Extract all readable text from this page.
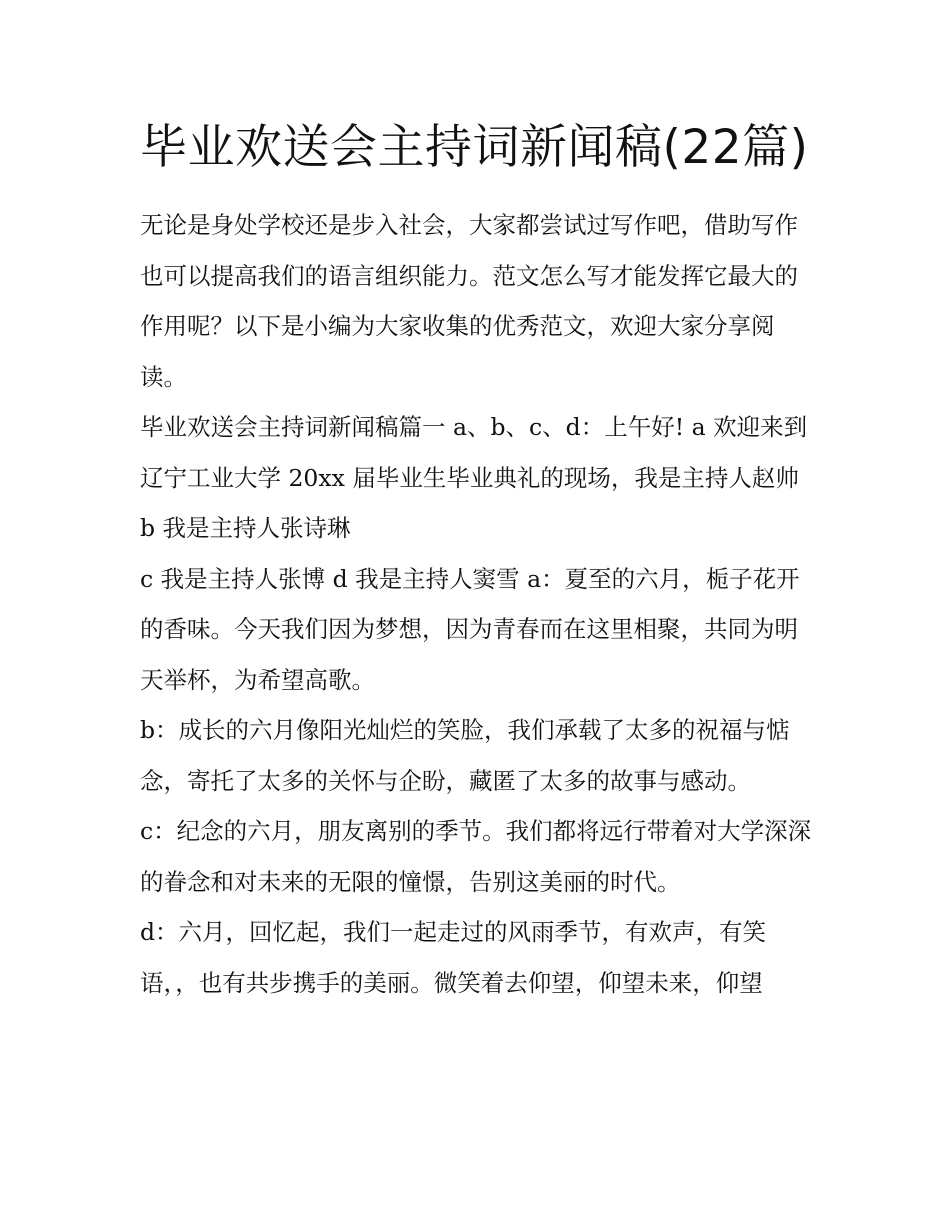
毕业欢送会主持词新闻稿(22篇)

无论是身处学校还是步入社会，大家都尝试过写作吧，借助写作也可以提高我们的语言组织能力。范文怎么写才能发挥它最大的作用呢？以下是小编为大家收集的优秀范文，欢迎大家分享阅读。

毕业欢送会主持词新闻稿篇一 a、b、c、d：上午好! a 欢迎来到辽宁工业大学 20xx 届毕业生毕业典礼的现场，我是主持人赵帅 b 我是主持人张诗琳

c 我是主持人张博 d 我是主持人窦雪 a：夏至的六月，栀子花开的香味。今天我们因为梦想，因为青春而在这里相聚，共同为明天举杯，为希望高歌。

b：成长的六月像阳光灿烂的笑脸，我们承载了太多的祝福与惦念，寄托了太多的关怀与企盼，藏匿了太多的故事与感动。

c：纪念的六月，朋友离别的季节。我们都将远行带着对大学深深的眷念和对未来的无限的憧憬，告别这美丽的时代。

d：六月，回忆起，我们一起走过的风雨季节，有欢声，有笑语，，也有共步携手的美丽。微笑着去仰望，仰望未来，仰望
